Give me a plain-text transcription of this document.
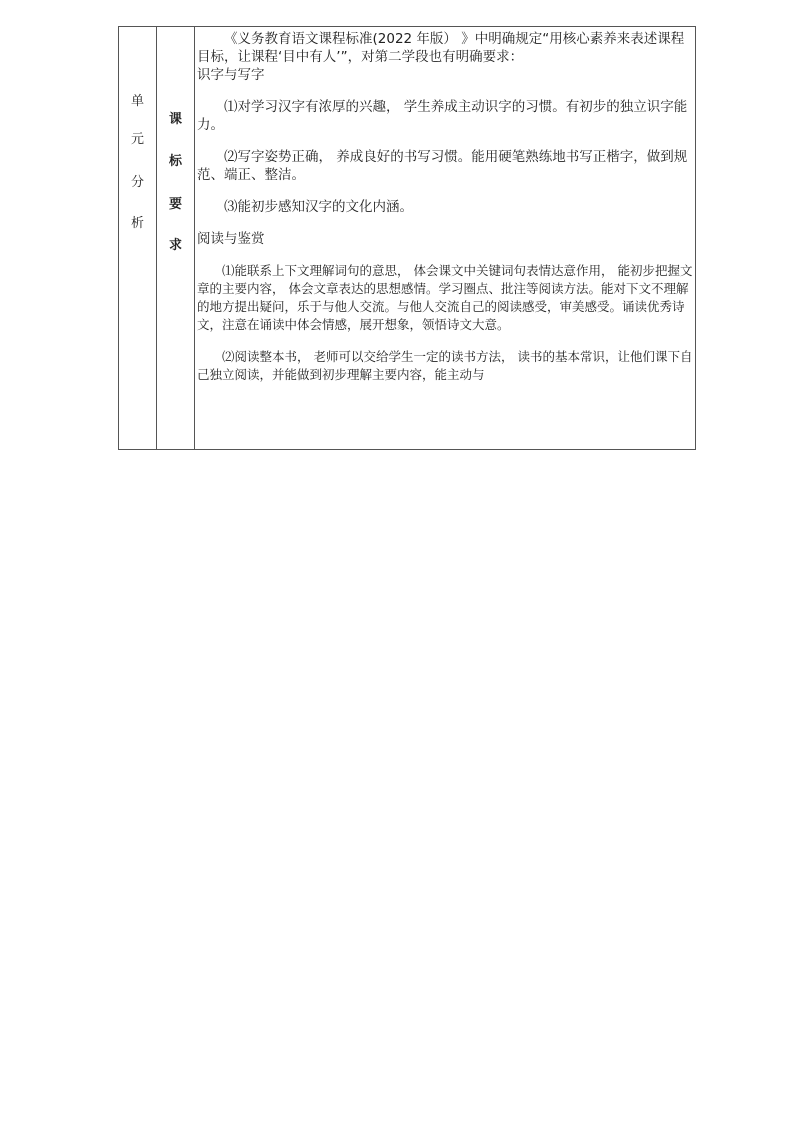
单
元
分
析
课
标
要
求

《义务教育语文课程标准(2022 年版） 》中明确规定“用核心素养来表述课程目标，让课程‘目中有人’”，对第二学段也有明确要求：

识字与写字

⑴对学习汉字有浓厚的兴趣， 学生养成主动识字的习惯。有初步的独立识字能力。

⑵写字姿势正确， 养成良好的书写习惯。能用硬笔熟练地书写正楷字，做到规范、端正、整洁。

⑶能初步感知汉字的文化内涵。

阅读与鉴赏

⑴能联系上下文理解词句的意思， 体会课文中关键词句表情达意作用， 能初步把握文章的主要内容， 体会文章表达的思想感情。学习圈点、批注等阅读方法。能对下文不理解的地方提出疑问，乐于与他人交流。与他人交流自己的阅读感受，审美感受。诵读优秀诗文，注意在诵读中体会情感，展开想象，领悟诗文大意。

⑵阅读整本书， 老师可以交给学生一定的读书方法， 读书的基本常识，让他们课下自己独立阅读，并能做到初步理解主要内容，能主动与
